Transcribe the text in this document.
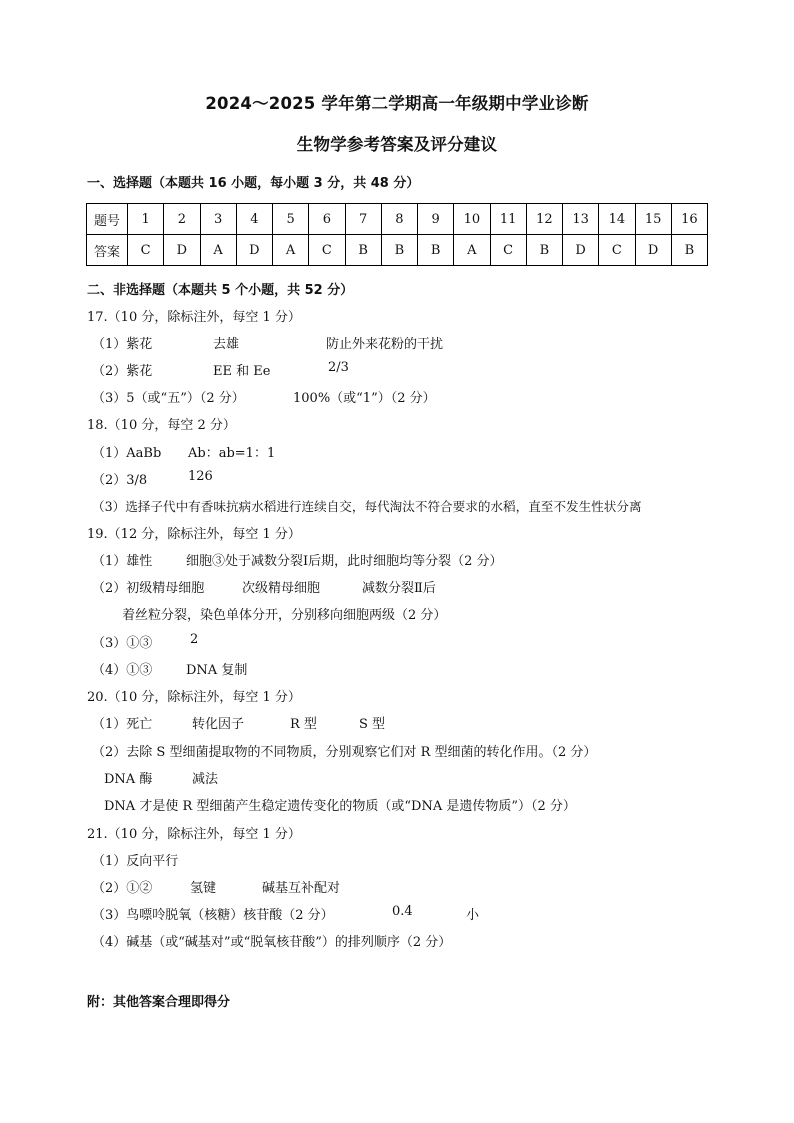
2024～2025 学年第二学期高一年级期中学业诊断
生物学参考答案及评分建议
一、选择题（本题共 16 小题，每小题 3 分，共 48 分）
题号	1	2	3	4	5	6	7	8	9	10	11	12	13	14	15	16
答案	C	D	A	D	A	C	B	B	B	A	C	B	D	C	D	B
二、非选择题（本题共 5 个小题，共 52 分）
17.（10 分，除标注外，每空 1 分）
（1）紫花	去雄	防止外来花粉的干扰
（2）紫花	EE 和 Ee	2/3
（3）5（或“五”）（2 分）	100%（或“1”）（2 分）
18.（10 分，每空 2 分）
（1）AaBb Ab：ab=1：1
（2）3/8	126
（3）选择子代中有香味抗病水稻进行连续自交，每代淘汰不符合要求的水稻，直至不发生性状分离
19.（12 分，除标注外，每空 1 分）
（1）雄性	细胞③处于减数分裂Ⅰ后期，此时细胞均等分裂（2 分）
（2）初级精母细胞	次级精母细胞	减数分裂Ⅱ后
着丝粒分裂，染色单体分开，分别移向细胞两级（2 分）
（3）①③	2
（4）①③	DNA 复制
20.（10 分，除标注外，每空 1 分）
（1）死亡	转化因子	R 型	S 型
（2）去除 S 型细菌提取物的不同物质，分别观察它们对 R 型细菌的转化作用。（2 分）
DNA 酶	减法
DNA 才是使 R 型细菌产生稳定遗传变化的物质（或“DNA 是遗传物质”）（2 分）
21.（10 分，除标注外，每空 1 分）
（1）反向平行
（2）①②	氢键	碱基互补配对
（3）鸟嘌呤脱氧（核糖）核苷酸（2 分）	0.4	小
（4）碱基（或“碱基对”或“脱氧核苷酸”）的排列顺序（2 分）
附：其他答案合理即得分
